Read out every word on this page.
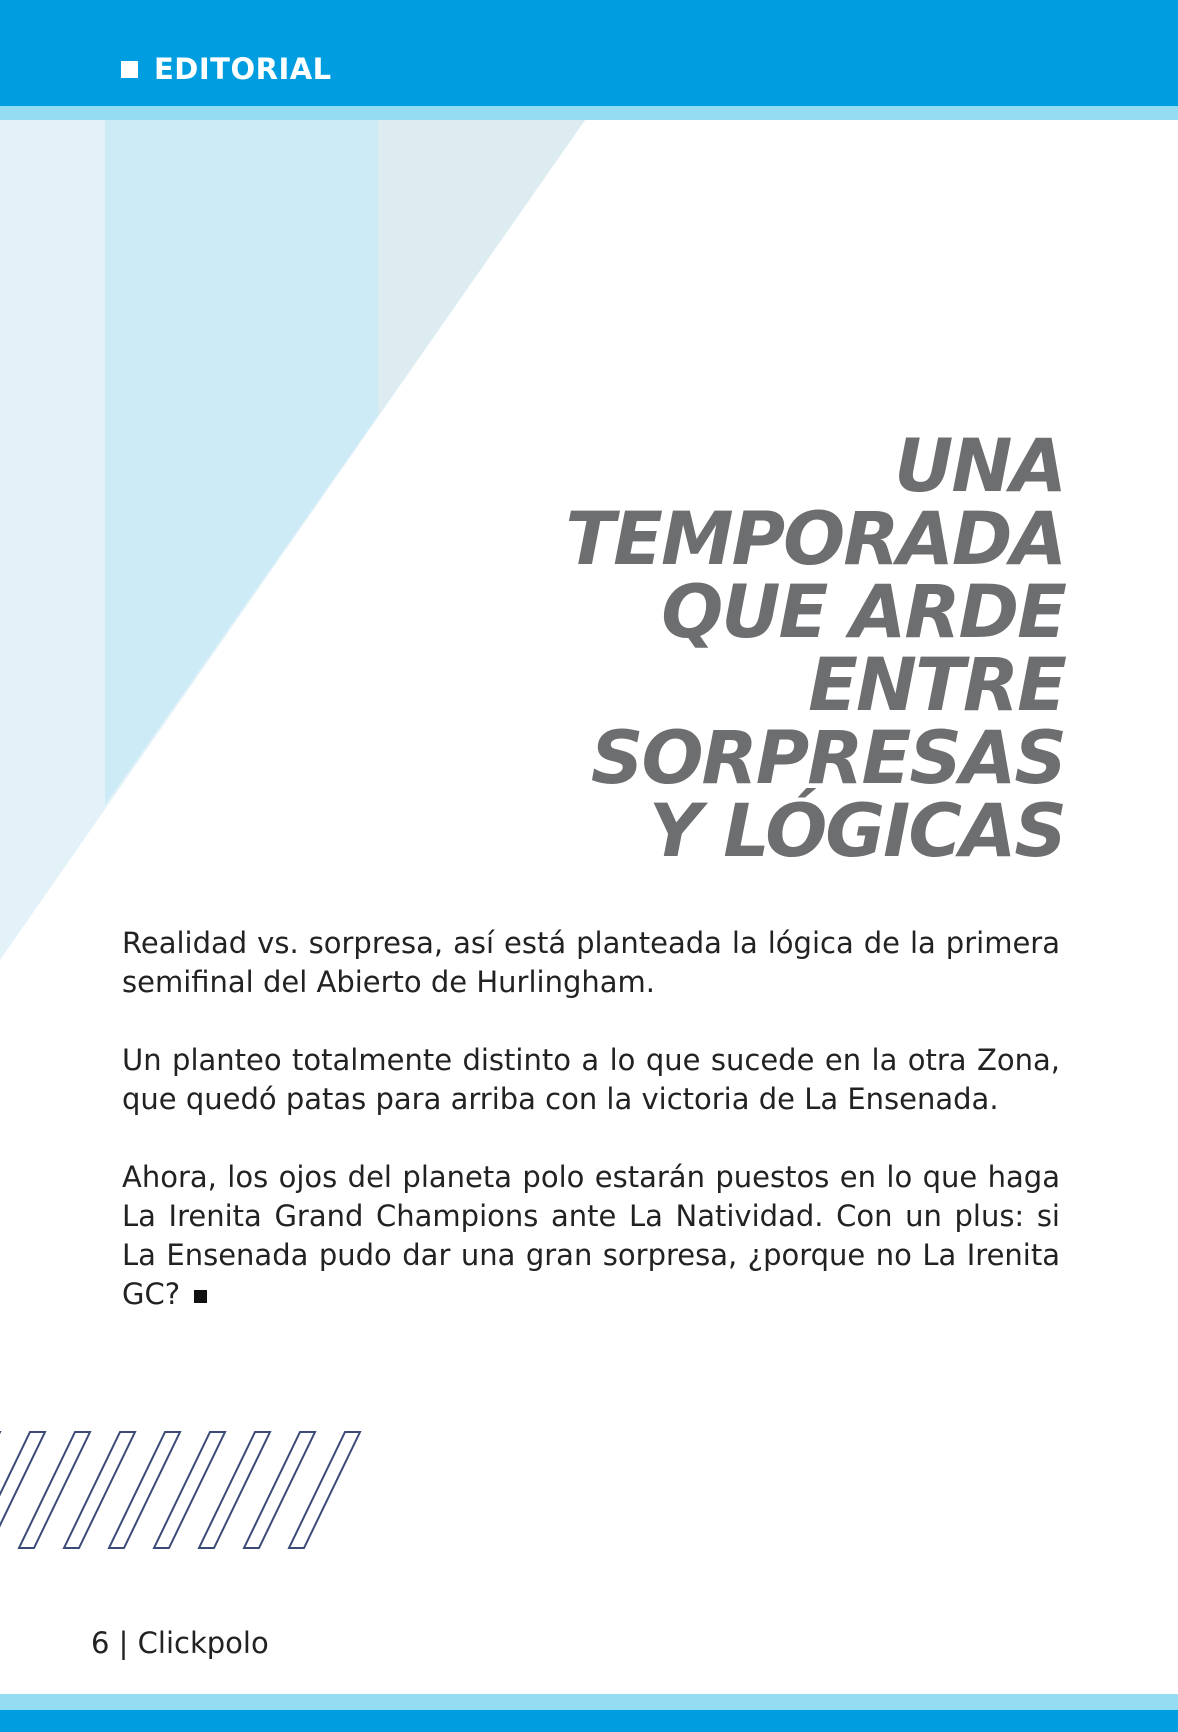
EDITORIAL
UNA
TEMPORADA
QUE ARDE
ENTRE
SORPRESAS
Y LÓGICAS

Realidad vs. sorpresa, así está planteada la lógica de la primera semifinal del Abierto de Hurlingham.

Un planteo totalmente distinto a lo que sucede en la otra Zona, que quedó patas para arriba con la victoria de La Ensenada.

Ahora, los ojos del planeta polo estarán puestos en lo que haga La Irenita Grand Champions ante La Natividad. Con un plus: si La Ensenada pudo dar una gran sorpresa, ¿porque no La Irenita GC?

6 | Clickpolo
